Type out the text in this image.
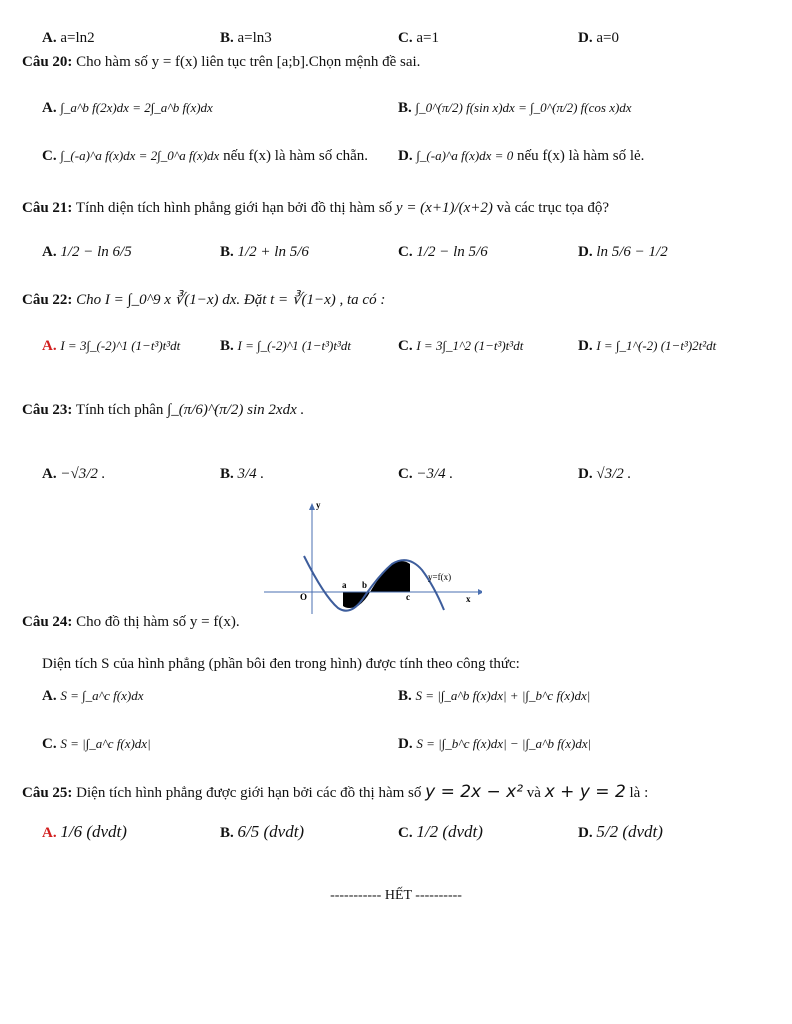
A. a=ln2	B. a=ln3	C. a=1	D. a=0
Câu 20: Cho hàm số y = f(x) liên tục trên [a;b].Chọn mệnh đề sai.
A. ∫_a^b f(2x)dx = 2∫_a^b f(x)dx	B. ∫_0^(π/2) f(sin x)dx = ∫_0^(π/2) f(cos x)dx
C. ∫_(-a)^a f(x)dx = 2∫_0^a f(x)dx nếu f(x) là hàm số chẵn. D. ∫_(-a)^a f(x)dx = 0 nếu f(x) là hàm số lẻ.
Câu 21: Tính diện tích hình phẳng giới hạn bởi đồ thị hàm số y = (x+1)/(x+2) và các trục tọa độ?
A. 1/2 − ln 6/5	B. 1/2 + ln 5/6	C. 1/2 − ln 5/6	D. ln 5/6 − 1/2
Câu 22: Cho I = ∫_0^9 x ∛(1−x) dx. Đặt t = ∛(1−x) , ta có :
A. I = 3∫_(-2)^1 (1−t³)t³dt	B. I = ∫_(-2)^1 (1−t³)t³dt	C. I = 3∫_1^2 (1−t³)t³dt	D. I = ∫_1^(-2) (1−t³)2t²dt
Câu 23: Tính tích phân ∫_(π/6)^(π/2) sin 2xdx .
A. −√3/2 .	B. 3/4 .	C. −3/4 .	D. √3/2 .
y
x
O
a b
c
y=f(x)
Câu 24: Cho đồ thị hàm số y = f(x).
Diện tích S của hình phẳng (phần bôi đen trong hình) được tính theo công thức:
A. S = ∫_a^c f(x)dx	B. S = |∫_a^b f(x)dx| + |∫_b^c f(x)dx|
C. S = |∫_a^c f(x)dx|	D. S = |∫_b^c f(x)dx| − |∫_a^b f(x)dx|
Câu 25: Diện tích hình phẳng được giới hạn bởi các đồ thị hàm số y = 2x − x² và x + y = 2 là :
A. 1/6 (dvdt)	B. 6/5 (dvdt)	C. 1/2 (dvdt)	D. 5/2 (dvdt)
----------- HẾT ----------
